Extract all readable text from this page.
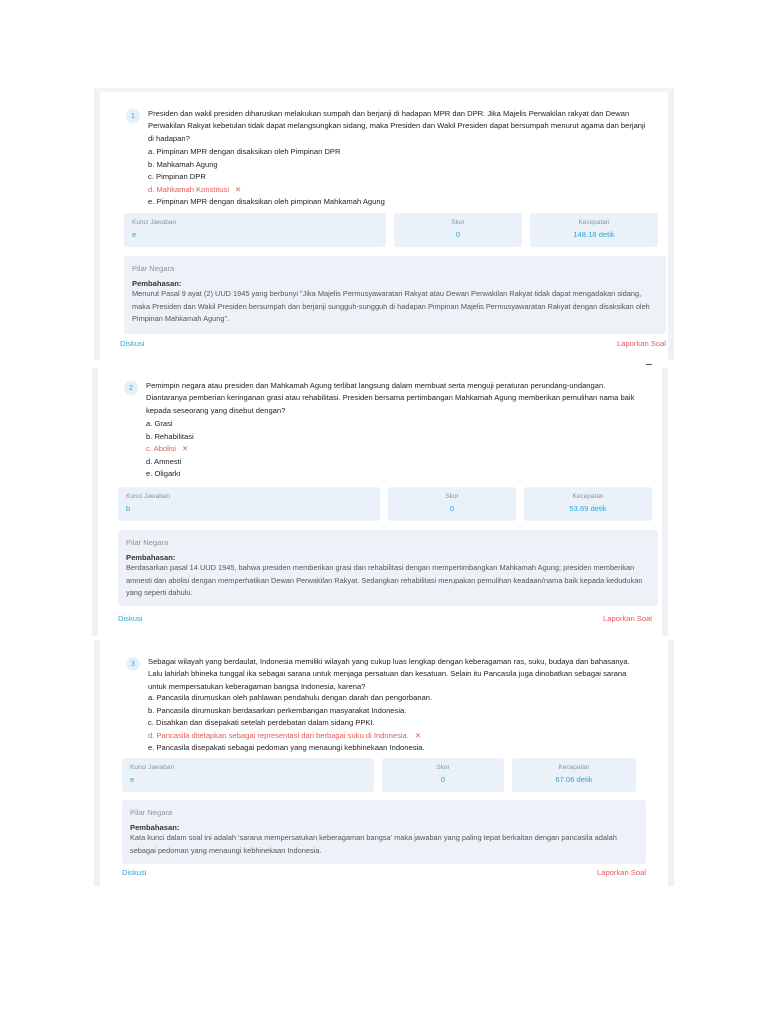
1	Presiden dan wakil presiden diharuskan melakukan sumpah dan berjanji di hadapan MPR dan DPR. Jika Majelis Perwakilan rakyat dan Dewan Perwakilan Rakyat kebetulan tidak dapat melangsungkan sidang, maka Presiden dan Wakil Presiden dapat bersumpah menurut agama dan berjanji di hadapan?
a. Pimpinan MPR dengan disaksikan oleh Pimpinan DPR
b. Mahkamah Agung
c. Pimpinan DPR
d. Mahkamah Konstitusi ✕
e. Pimpinan MPR dengan disaksikan oleh pimpinan Mahkamah Agung
Kunci Jawaban
e
Skor
0
Kecepatan
148.18 detik
Pilar Negara
Pembahasan:
Menurut Pasal 9 ayat (2) UUD 1945 yang berbunyi "Jika Majelis Permusyawaratan Rakyat atau Dewan Perwakilan Rakyat tidak dapat mengadakan sidang, maka Presiden dan Wakil Presiden bersumpah dan berjanji sungguh-sungguh di hadapan Pimpinan Majelis Permusyawaratan Rakyat dengan disaksikan oleh Pimpinan Mahkamah Agung".
Diskusi	Laporkan Soal
2	Pemimpin negara atau presiden dan Mahkamah Agung terlibat langsung dalam membuat serta menguji peraturan perundang-undangan. Diantaranya pemberian keringanan grasi atau rehabilitasi. Presiden bersama pertimbangan Mahkamah Agung memberikan pemulihan nama baik kepada seseorang yang disebut dengan?
a. Grasi
b. Rehabilitasi
c. Abolisi ✕
d. Amnesti
e. Oligarki
Kunci Jawaban
b
Skor
0
Kecepatan
53.69 detik
Pilar Negara
Pembahasan:
Berdasarkan pasal 14 UUD 1945, bahwa presiden memberikan grasi dan rehabilitasi dengan mempertimbangkan Mahkamah Agung; presiden memberikan amnesti dan abolisi dengan memperhatikan Dewan Perwakilan Rakyat. Sedangkan rehabilitasi merupakan pemulihan keadaan/nama baik kepada kedudukan yang seperti dahulu.
Diskusi	Laporkan Soal
3	Sebagai wilayah yang berdaulat, Indonesia memiliki wilayah yang cukup luas lengkap dengan keberagaman ras, suku, budaya dan bahasanya. Lalu lahirlah bhineka tunggal ika sebagai sarana untuk menjaga persatuan dan kesatuan. Selain itu Pancasila juga dinobatkan sebagai sarana untuk mempersatukan keberagaman bangsa Indonesia, karena?
a. Pancasila dirumuskan oleh pahlawan pendahulu dengan darah dan pengorbanan.
b. Pancasila dirumuskan berdasarkan perkembangan masyarakat Indonesia.
c. Disahkan dan disepakati setelah perdebatan dalam sidang PPKI.
d. Pancasila ditetapkan sebagai representasi dari berbagai suku di Indonesia. ✕
e. Pancasila disepakati sebagai pedoman yang menaungi kebhinekaan Indonesia.
Kunci Jawaban
e
Skor
0
Kecepatan
67.06 detik
Pilar Negara
Pembahasan:
Kata kunci dalam soal ini adalah 'sarana mempersatukan keberagaman bangsa' maka jawaban yang paling tepat berkaitan dengan pancasila adalah sebagai pedoman yang menaungi kebhinekaan Indonesia.
Diskusi	Laporkan Soal
